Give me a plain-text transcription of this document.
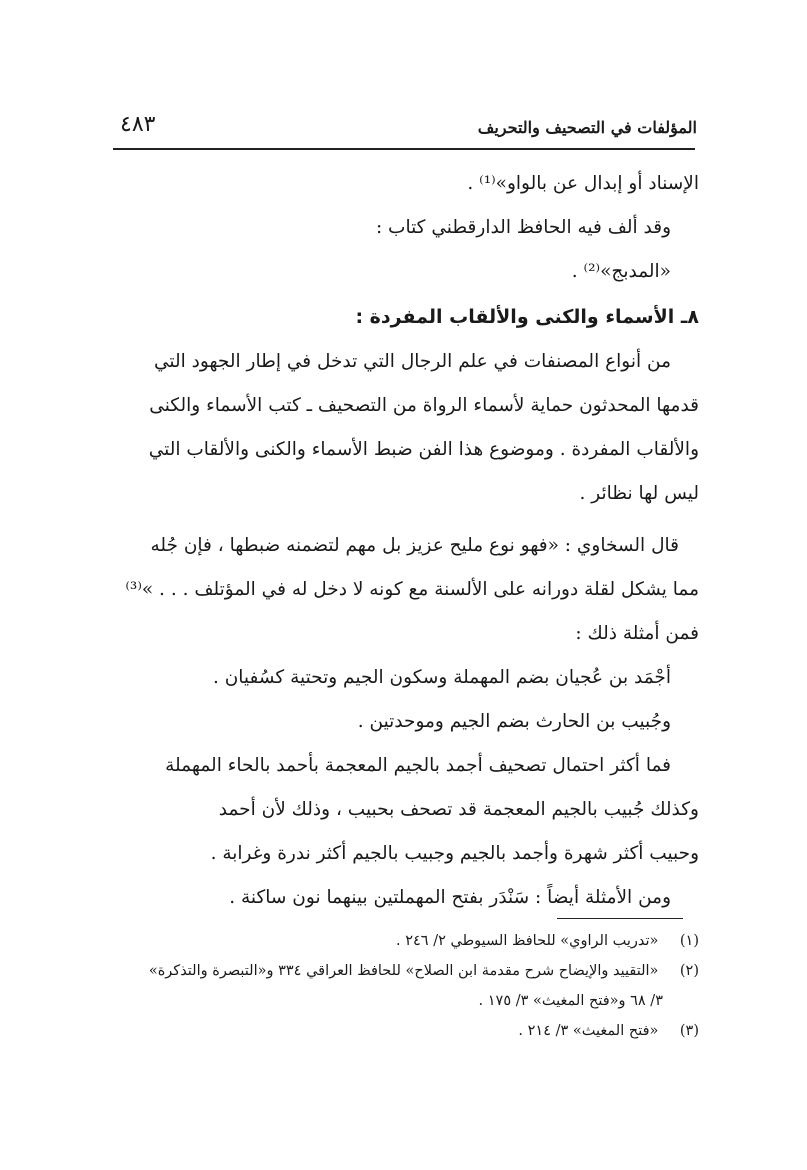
المؤلفات في التصحيف والتحريف
٤٨٣
الإسناد أو إبدال عن بالواو»⁽¹⁾ .
وقد ألف فيه الحافظ الدارقطني كتاب :
«المدبج»⁽²⁾ .
٨ـ الأسماء والكنى والألقاب المفردة :
من أنواع المصنفات في علم الرجال التي تدخل في إطار الجهود التي
قدمها المحدثون حماية لأسماء الرواة من التصحيف ـ كتب الأسماء والكنى
والألقاب المفردة . وموضوع هذا الفن ضبط الأسماء والكنى والألقاب التي
ليس لها نظائر .
قال السخاوي : «فهو نوع مليح عزيز بل مهم لتضمنه ضبطها ، فإن جُله
مما يشكل لقلة دورانه على الألسنة مع كونه لا دخل له في المؤتلف . . . »⁽³⁾
فمن أمثلة ذلك :
أجْمَد بن عُجيان بضم المهملة وسكون الجيم وتحتية كسُفيان .
وجُبيب بن الحارث بضم الجيم وموحدتين .
فما أكثر احتمال تصحيف أجمد بالجيم المعجمة بأحمد بالحاء المهملة
وكذلك جُبيب بالجيم المعجمة قد تصحف بحبيب ، وذلك لأن أحمد
وحبيب أكثر شهرة وأجمد بالجيم وجبيب بالجيم أكثر ندرة وغرابة .
ومن الأمثلة أيضاً : سَنْدَر بفتح المهملتين بينهما نون ساكنة .
(١) «تدريب الراوي» للحافظ السيوطي ٢/ ٢٤٦ .
(٢) «التقييد والإيضاح شرح مقدمة ابن الصلاح» للحافظ العراقي ٣٣٤ و«التبصرة والتذكرة»
٣/ ٦٨ و«فتح المغيث» ٣/ ١٧٥ .
(٣) «فتح المغيث» ٣/ ٢١٤ .
